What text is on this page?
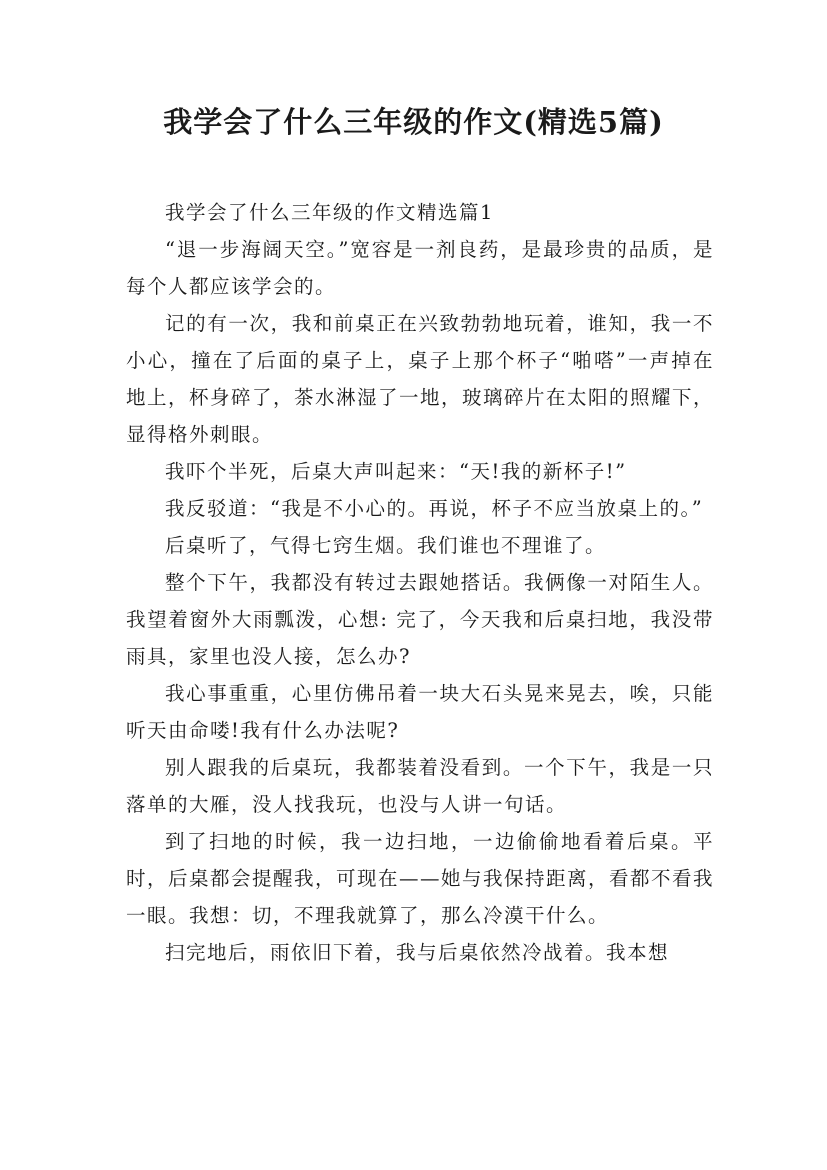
我学会了什么三年级的作文(精选5篇)

我学会了什么三年级的作文精选篇1

“退一步海阔天空。”宽容是一剂良药，是最珍贵的品质，是每个人都应该学会的。

记的有一次，我和前桌正在兴致勃勃地玩着，谁知，我一不小心，撞在了后面的桌子上，桌子上那个杯子“啪嗒”一声掉在地上，杯身碎了，茶水淋湿了一地，玻璃碎片在太阳的照耀下，显得格外刺眼。

我吓个半死，后桌大声叫起来：“天!我的新杯子!”

我反驳道：“我是不小心的。再说，杯子不应当放桌上的。”

后桌听了，气得七窍生烟。我们谁也不理谁了。

整个下午，我都没有转过去跟她搭话。我俩像一对陌生人。我望着窗外大雨瓢泼，心想: 完了，今天我和后桌扫地，我没带雨具，家里也没人接，怎么办?

我心事重重，心里仿佛吊着一块大石头晃来晃去，唉，只能听天由命喽!我有什么办法呢?

别人跟我的后桌玩，我都装着没看到。一个下午，我是一只落单的大雁，没人找我玩，也没与人讲一句话。

到了扫地的时候，我一边扫地，一边偷偷地看着后桌。平时，后桌都会提醒我，可现在——她与我保持距离，看都不看我一眼。我想：切，不理我就算了，那么冷漠干什么。

扫完地后，雨依旧下着，我与后桌依然冷战着。我本想
